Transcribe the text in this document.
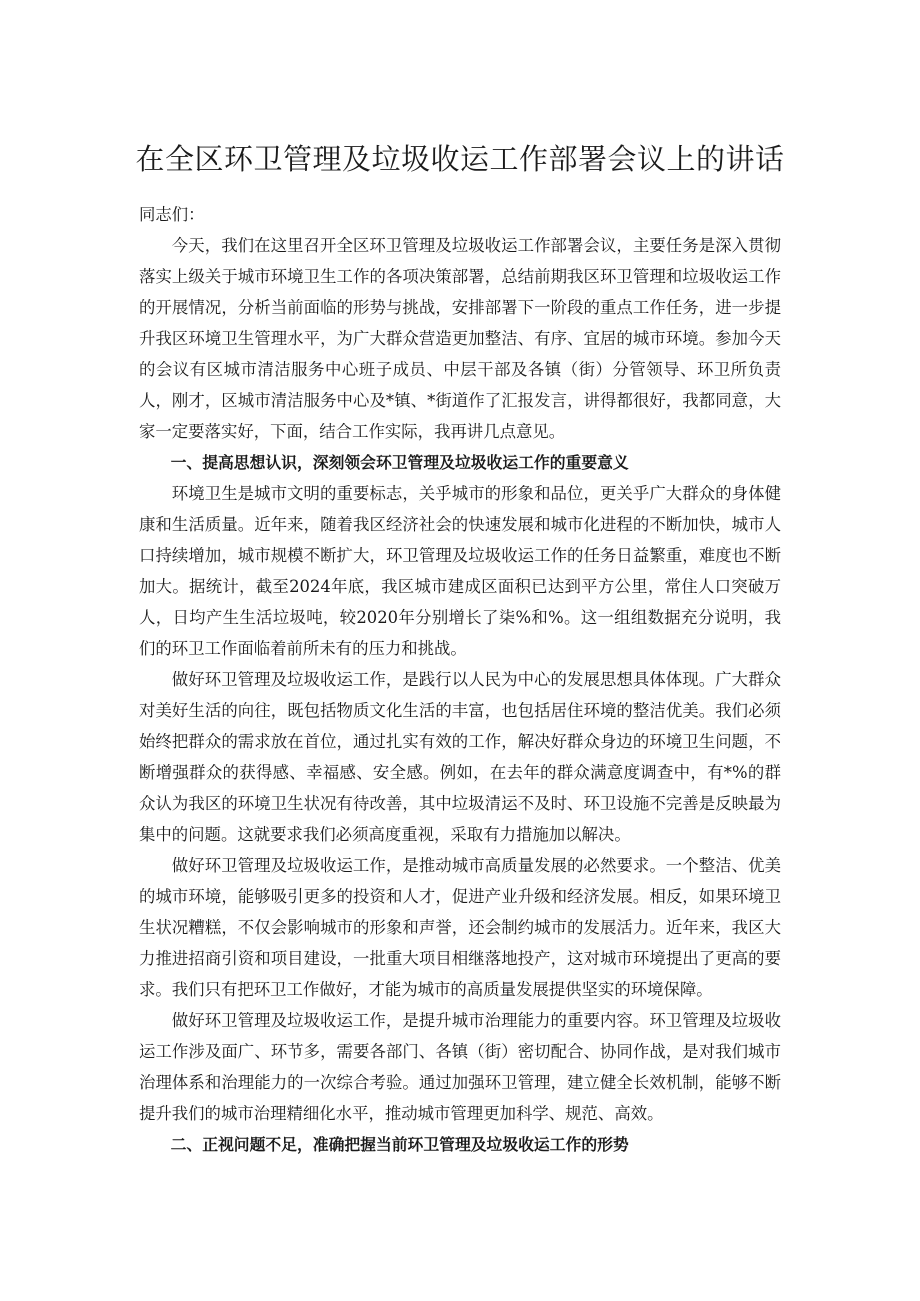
在全区环卫管理及垃圾收运工作部署会议上的讲话

同志们：

今天，我们在这里召开全区环卫管理及垃圾收运工作部署会议，主要任务是深入贯彻落实上级关于城市环境卫生工作的各项决策部署，总结前期我区环卫管理和垃圾收运工作的开展情况，分析当前面临的形势与挑战，安排部署下一阶段的重点工作任务，进一步提升我区环境卫生管理水平，为广大群众营造更加整洁、有序、宜居的城市环境。参加今天的会议有区城市清洁服务中心班子成员、中层干部及各镇（街）分管领导、环卫所负责人，刚才，区城市清洁服务中心及*镇、*街道作了汇报发言，讲得都很好，我都同意，大家一定要落实好，下面，结合工作实际，我再讲几点意见。

一、提高思想认识，深刻领会环卫管理及垃圾收运工作的重要意义

环境卫生是城市文明的重要标志，关乎城市的形象和品位，更关乎广大群众的身体健康和生活质量。近年来，随着我区经济社会的快速发展和城市化进程的不断加快，城市人口持续增加，城市规模不断扩大，环卫管理及垃圾收运工作的任务日益繁重，难度也不断加大。据统计，截至2024年底，我区城市建成区面积已达到平方公里，常住人口突破万人，日均产生生活垃圾吨，较2020年分别增长了柒%和%。这一组组数据充分说明，我们的环卫工作面临着前所未有的压力和挑战。

做好环卫管理及垃圾收运工作，是践行以人民为中心的发展思想具体体现。广大群众对美好生活的向往，既包括物质文化生活的丰富，也包括居住环境的整洁优美。我们必须始终把群众的需求放在首位，通过扎实有效的工作，解决好群众身边的环境卫生问题，不断增强群众的获得感、幸福感、安全感。例如，在去年的群众满意度调查中，有*%的群众认为我区的环境卫生状况有待改善，其中垃圾清运不及时、环卫设施不完善是反映最为集中的问题。这就要求我们必须高度重视，采取有力措施加以解决。

做好环卫管理及垃圾收运工作，是推动城市高质量发展的必然要求。一个整洁、优美的城市环境，能够吸引更多的投资和人才，促进产业升级和经济发展。相反，如果环境卫生状况糟糕，不仅会影响城市的形象和声誉，还会制约城市的发展活力。近年来，我区大力推进招商引资和项目建设，一批重大项目相继落地投产，这对城市环境提出了更高的要求。我们只有把环卫工作做好，才能为城市的高质量发展提供坚实的环境保障。

做好环卫管理及垃圾收运工作，是提升城市治理能力的重要内容。环卫管理及垃圾收运工作涉及面广、环节多，需要各部门、各镇（街）密切配合、协同作战，是对我们城市治理体系和治理能力的一次综合考验。通过加强环卫管理，建立健全长效机制，能够不断提升我们的城市治理精细化水平，推动城市管理更加科学、规范、高效。

二、正视问题不足，准确把握当前环卫管理及垃圾收运工作的形势
